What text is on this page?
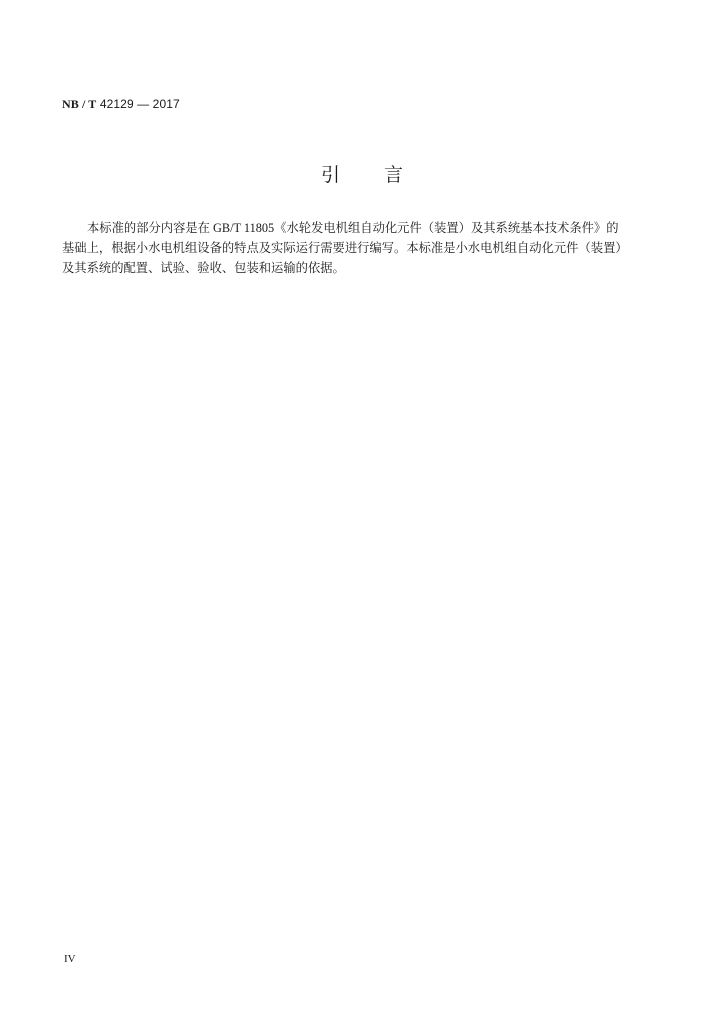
NB / T 42129 — 2017
引 言
本标准的部分内容是在 GB/T 11805《水轮发电机组自动化元件（装置）及其系统基本技术条件》的
基础上，根据小水电机组设备的特点及实际运行需要进行编写。本标准是小水电机组自动化元件（装置）
及其系统的配置、试验、验收、包装和运输的依据。
IV
